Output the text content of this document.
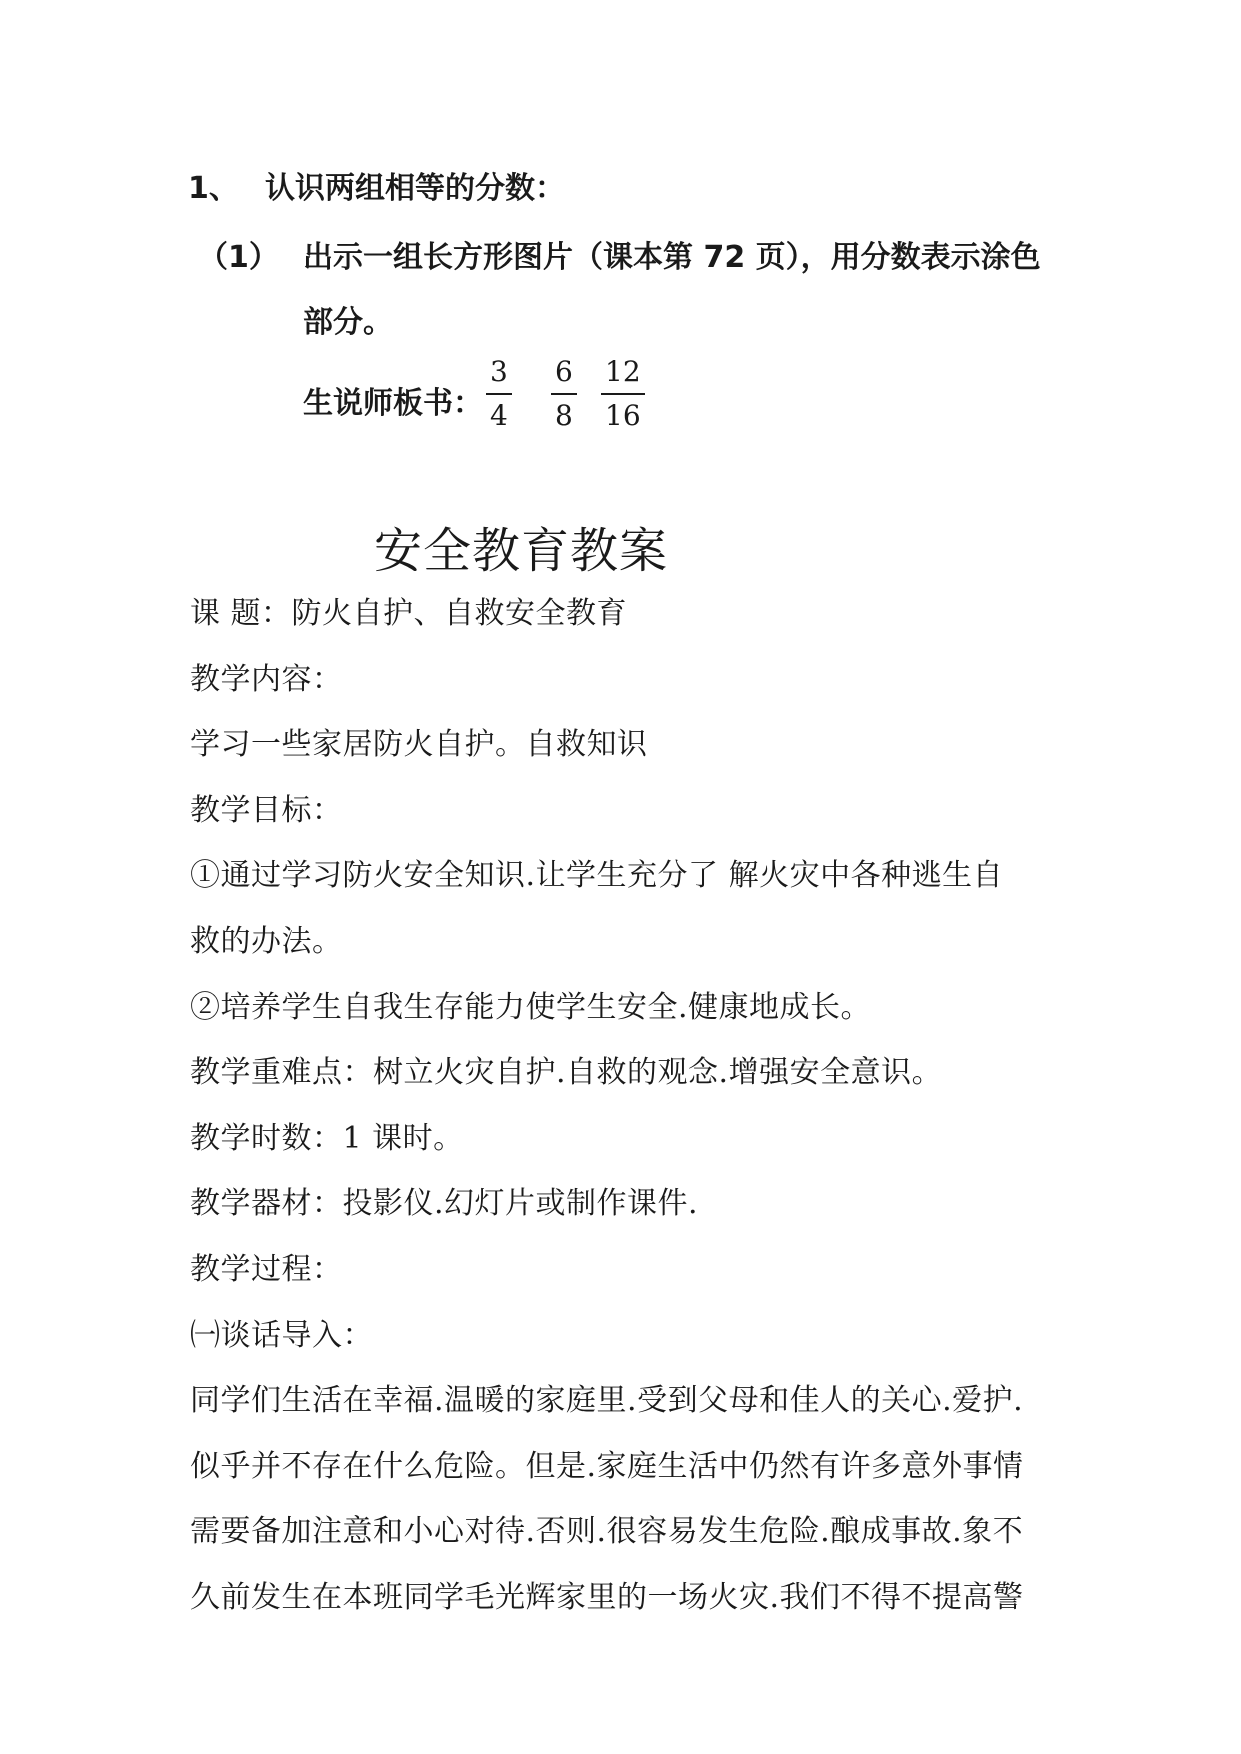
1、 认识两组相等的分数：
（1） 出示一组长方形图片（课本第 72 页），用分数表示涂色
部分。
生说师板书：
3
4
6
8
12
16
安全教育教案
课 题：防火自护、自救安全教育
教学内容：
学习一些家居防火自护。自救知识
教学目标：
①通过学习防火安全知识.让学生充分了 解火灾中各种逃生自
救的办法。
②培养学生自我生存能力使学生安全.健康地成长。
教学重难点：树立火灾自护.自救的观念.增强安全意识。
教学时数：1 课时。
教学器材：投影仪.幻灯片或制作课件.
教学过程：
㈠谈话导入：
同学们生活在幸福.温暖的家庭里.受到父母和佳人的关心.爱护.
似乎并不存在什么危险。但是.家庭生活中仍然有许多意外事情
需要备加注意和小心对待.否则.很容易发生危险.酿成事故.象不
久前发生在本班同学毛光辉家里的一场火灾.我们不得不提高警
